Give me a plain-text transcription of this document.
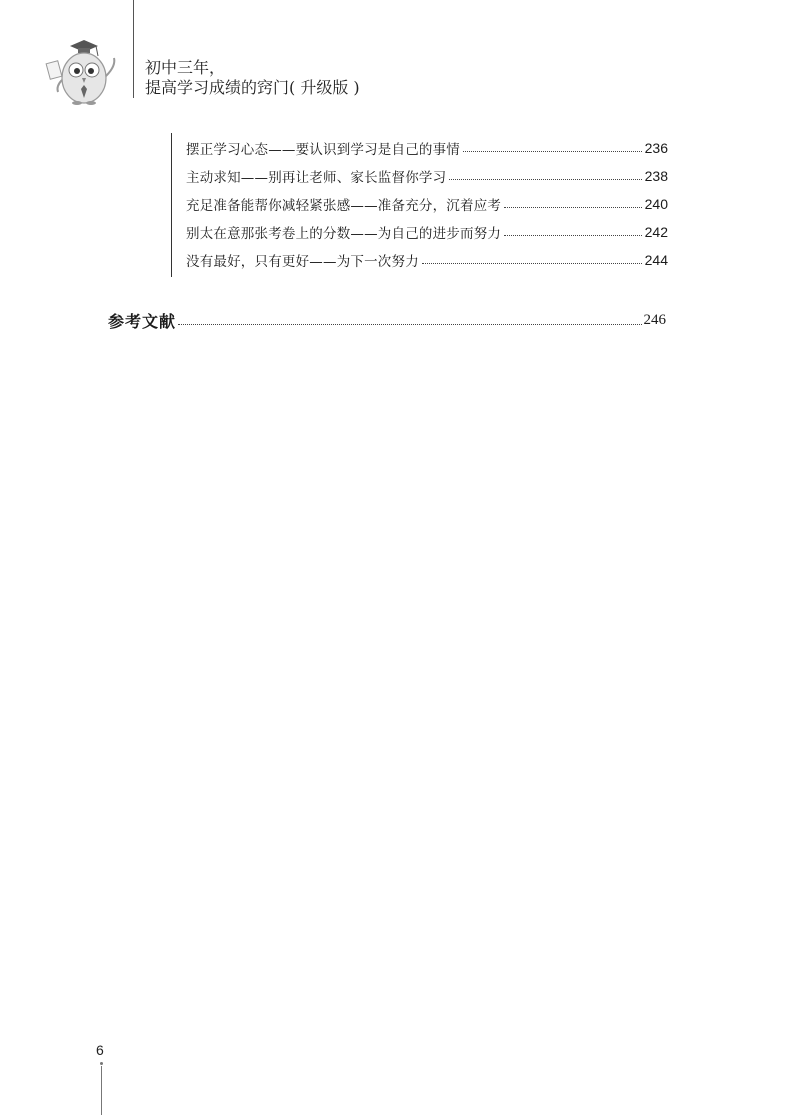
初中三年，
提高学习成绩的窍门( 升级版 )
摆正学习心态——要认识到学习是自己的事情	236
主动求知——别再让老师、家长监督你学习	238
充足准备能帮你减轻紧张感——准备充分，沉着应考	240
别太在意那张考卷上的分数——为自己的进步而努力	242
没有最好，只有更好——为下一次努力	244
参考文献	246
6
